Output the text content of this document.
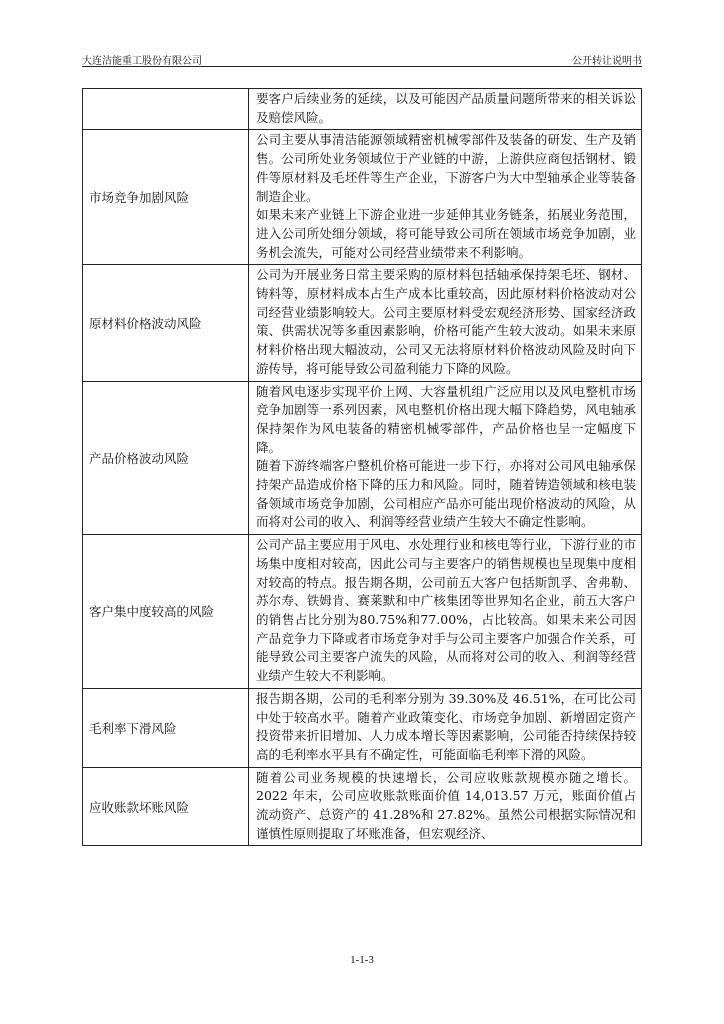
大连洁能重工股份有限公司	公开转让说明书

	要客户后续业务的延续，以及可能因产品质量问题所带来的相关诉讼及赔偿风险。

市场竞争加剧风险	公司主要从事清洁能源领域精密机械零部件及装备的研发、生产及销售。公司所处业务领域位于产业链的中游，上游供应商包括钢材、锻件等原材料及毛坯件等生产企业，下游客户为大中型轴承企业等装备制造企业。

如果未来产业链上下游企业进一步延伸其业务链条，拓展业务范围，进入公司所处细分领域，将可能导致公司所在领域市场竞争加剧，业务机会流失，可能对公司经营业绩带来不利影响。

原材料价格波动风险	公司为开展业务日常主要采购的原材料包括轴承保持架毛坯、钢材、铸料等，原材料成本占生产成本比重较高，因此原材料价格波动对公司经营业绩影响较大。公司主要原材料受宏观经济形势、国家经济政策、供需状况等多重因素影响，价格可能产生较大波动。如果未来原材料价格出现大幅波动，公司又无法将原材料价格波动风险及时向下游传导，将可能导致公司盈利能力下降的风险。

产品价格波动风险	随着风电逐步实现平价上网、大容量机组广泛应用以及风电整机市场竞争加剧等一系列因素，风电整机价格出现大幅下降趋势，风电轴承保持架作为风电装备的精密机械零部件，产品价格也呈一定幅度下降。

随着下游终端客户整机价格可能进一步下行，亦将对公司风电轴承保持架产品造成价格下降的压力和风险。同时，随着铸造领域和核电装备领域市场竞争加剧，公司相应产品亦可能出现价格波动的风险，从而将对公司的收入、利润等经营业绩产生较大不确定性影响。

客户集中度较高的风险	公司产品主要应用于风电、水处理行业和核电等行业，下游行业的市场集中度相对较高，因此公司与主要客户的销售规模也呈现集中度相对较高的特点。报告期各期，公司前五大客户包括斯凯孚、舍弗勒、苏尔寿、铁姆肯、赛莱默和中广核集团等世界知名企业，前五大客户的销售占比分别为80.75%和77.00%，占比较高。如果未来公司因产品竞争力下降或者市场竞争对手与公司主要客户加强合作关系，可能导致公司主要客户流失的风险，从而将对公司的收入、利润等经营业绩产生较大不利影响。

毛利率下滑风险	报告期各期，公司的毛利率分别为 39.30%及 46.51%，在可比公司中处于较高水平。随着产业政策变化、市场竞争加剧、新增固定资产投资带来折旧增加、人力成本增长等因素影响，公司能否持续保持较高的毛利率水平具有不确定性，可能面临毛利率下滑的风险。

应收账款坏账风险	随着公司业务规模的快速增长，公司应收账款规模亦随之增长。2022 年末，公司应收账款账面价值 14,013.57 万元，账面价值占流动资产、总资产的 41.28%和 27.82%。虽然公司根据实际情况和谨慎性原则提取了坏账准备，但宏观经济、

1-1-3
